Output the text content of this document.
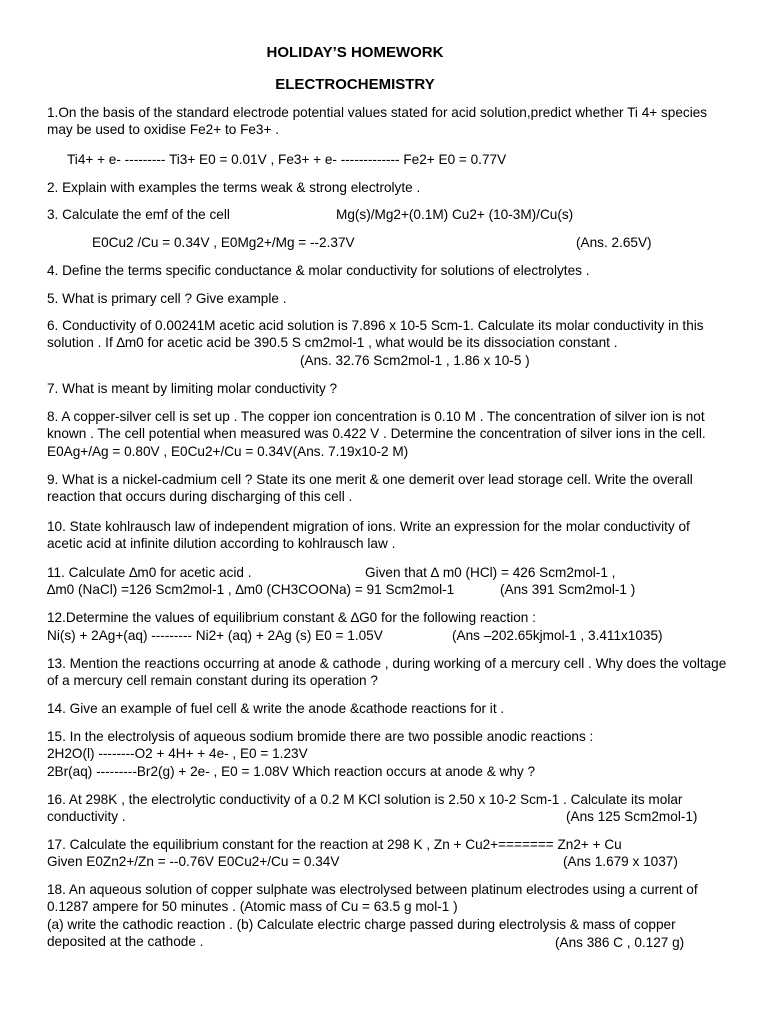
HOLIDAY’S HOMEWORK
ELECTROCHEMISTRY
1.On the basis of the standard electrode potential values stated for acid solution,predict whether Ti 4+ species may be used to oxidise Fe2+ to Fe3+ .
Ti4+ + e- --------- Ti3+ E0 = 0.01V , Fe3+ + e- ------------- Fe2+ E0 = 0.77V
2. Explain with examples the terms weak & strong electrolyte .
3. Calculate the emf of the cell	Mg(s)/Mg2+(0.1M) Cu2+ (10-3M)/Cu(s)
E0Cu2 /Cu = 0.34V , E0Mg2+/Mg = --2.37V	(Ans. 2.65V)
4. Define the terms specific conductance & molar conductivity for solutions of electrolytes .
5. What is primary cell ? Give example .
6. Conductivity of 0.00241M acetic acid solution is 7.896 x 10-5 Scm-1. Calculate its molar conductivity in this solution . If ∆m0 for acetic acid be 390.5 S cm2mol-1 , what would be its dissociation constant .
(Ans. 32.76 Scm2mol-1 , 1.86 x 10-5 )
7. What is meant by limiting molar conductivity ?
8. A copper-silver cell is set up . The copper ion concentration is 0.10 M . The concentration of silver ion is not known . The cell potential when measured was 0.422 V . Determine the concentration of silver ions in the cell. E0Ag+/Ag = 0.80V , E0Cu2+/Cu = 0.34V(Ans. 7.19x10-2 M)
9. What is a nickel-cadmium cell ? State its one merit & one demerit over lead storage cell. Write the overall reaction that occurs during discharging of this cell .
10. State kohlrausch law of independent migration of ions. Write an expression for the molar conductivity of acetic acid at infinite dilution according to kohlrausch law .
11. Calculate ∆m0 for acetic acid .	Given that ∆ m0 (HCl) = 426 Scm2mol-1 ,
∆m0 (NaCl) =126 Scm2mol-1 , ∆m0 (CH3COONa) = 91 Scm2mol-1	(Ans 391 Scm2mol-1 )
12.Determine the values of equilibrium constant & ∆G0 for the following reaction :
Ni(s) + 2Ag+(aq) --------- Ni2+ (aq) + 2Ag (s) E0 = 1.05V	(Ans –202.65kjmol-1 , 3.411x1035)
13. Mention the reactions occurring at anode & cathode , during working of a mercury cell . Why does the voltage of a mercury cell remain constant during its operation ?
14. Give an example of fuel cell & write the anode &cathode reactions for it .
15. In the electrolysis of aqueous sodium bromide there are two possible anodic reactions :
2H2O(l) --------O2 + 4H+ + 4e- , E0 = 1.23V
2Br(aq) ---------Br2(g) + 2e- , E0 = 1.08V Which reaction occurs at anode & why ?
16. At 298K , the electrolytic conductivity of a 0.2 M KCl solution is 2.50 x 10-2 Scm-1 . Calculate its molar conductivity .	(Ans 125 Scm2mol-1)
17. Calculate the equilibrium constant for the reaction at 298 K , Zn + Cu2+======= Zn2+ + Cu
Given E0Zn2+/Zn = --0.76V E0Cu2+/Cu = 0.34V	(Ans 1.679 x 1037)
18. An aqueous solution of copper sulphate was electrolysed between platinum electrodes using a current of 0.1287 ampere for 50 minutes . (Atomic mass of Cu = 63.5 g mol-1 )
(a) write the cathodic reaction . (b) Calculate electric charge passed during electrolysis & mass of copper deposited at the cathode .	(Ans 386 C , 0.127 g)
